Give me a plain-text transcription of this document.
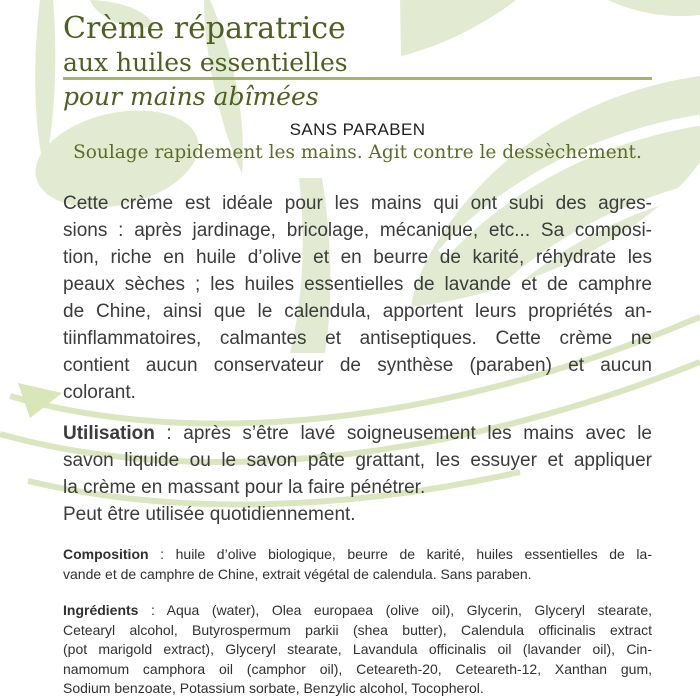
Crème réparatrice
aux huiles essentielles
pour mains abîmées
SANS PARABEN
Soulage rapidement les mains. Agit contre le dessèchement.
Cette crème est idéale pour les mains qui ont subi des agres-
sions : après jardinage, bricolage, mécanique, etc... Sa composi-
tion, riche en huile d’olive et en beurre de karité, réhydrate les
peaux sèches ; les huiles essentielles de lavande et de camphre
de Chine, ainsi que le calendula, apportent leurs propriétés an-
tiinflammatoires, calmantes et antiseptiques. Cette crème ne
contient aucun conservateur de synthèse (paraben) et aucun
colorant.
Utilisation : après s’être lavé soigneusement les mains avec le
savon liquide ou le savon pâte grattant, les essuyer et appliquer
la crème en massant pour la faire pénétrer.
Peut être utilisée quotidiennement.
Composition : huile d’olive biologique, beurre de karité, huiles essentielles de la-
vande et de camphre de Chine, extrait végétal de calendula. Sans paraben.
Ingrédients : Aqua (water), Olea europaea (olive oil), Glycerin, Glyceryl stearate,
Cetearyl alcohol, Butyrospermum parkii (shea butter), Calendula officinalis extract
(pot marigold extract), Glyceryl stearate, Lavandula officinalis oil (lavander oil), Cin-
namomum camphora oil (camphor oil), Ceteareth-20, Ceteareth-12, Xanthan gum,
Sodium benzoate, Potassium sorbate, Benzylic alcohol, Tocopherol.
